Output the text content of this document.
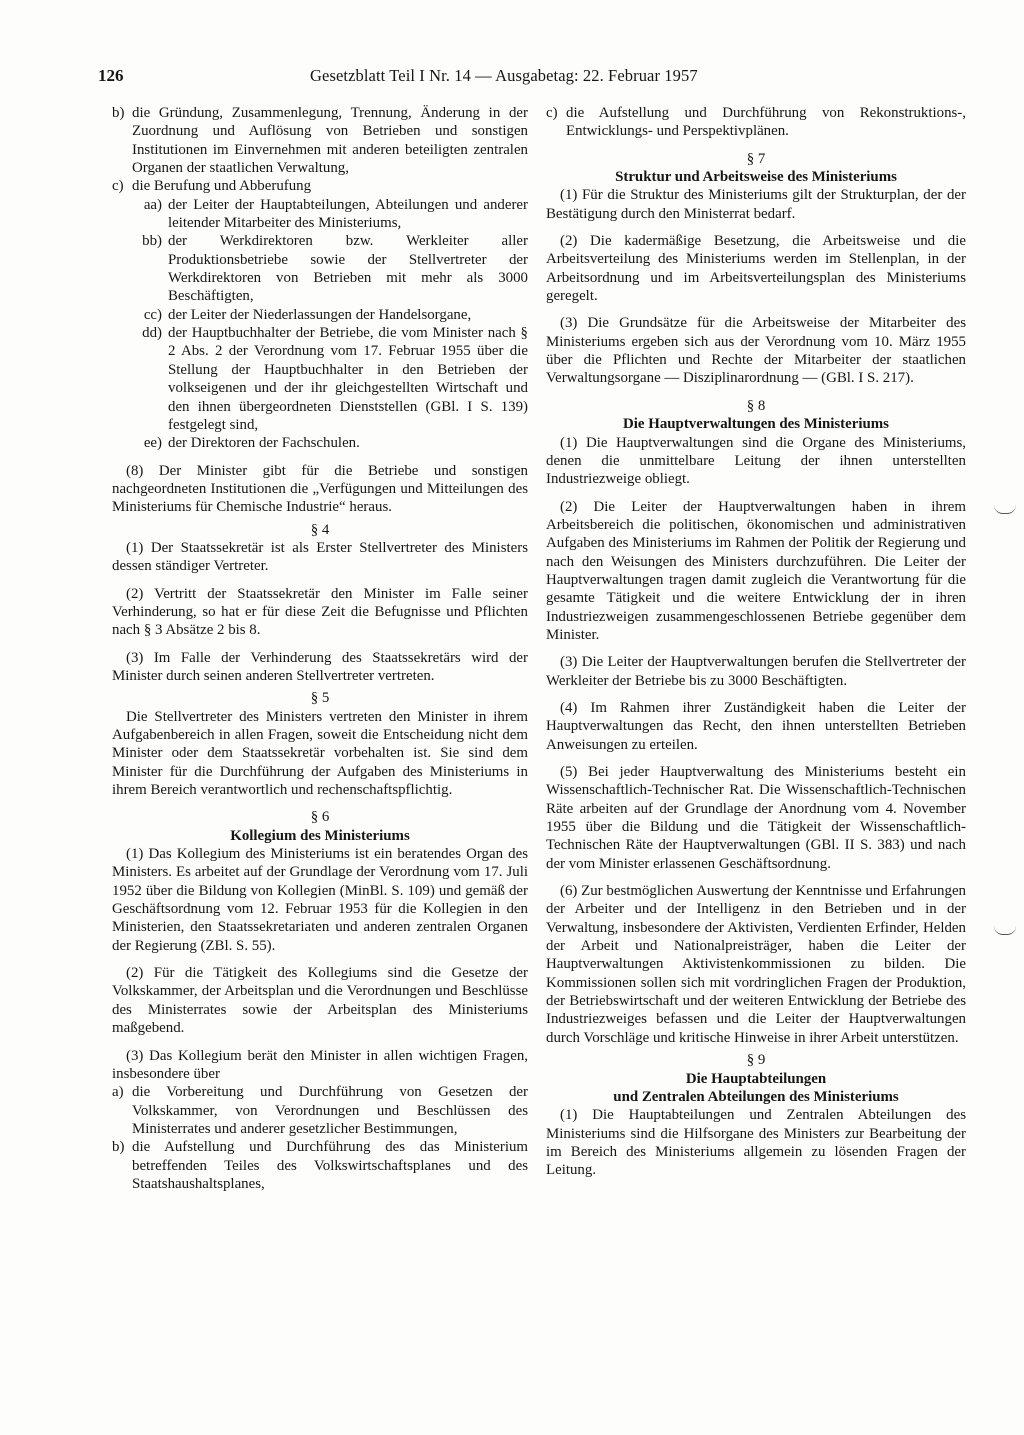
126	Gesetzblatt Teil I Nr. 14 — Ausgabetag: 22. Februar 1957
b) die Gründung, Zusammenlegung, Trennung, Änderung in der Zuordnung und Auflösung von Betrieben und sonstigen Institutionen im Einvernehmen mit anderen beteiligten zentralen Organen der staatlichen Verwaltung,
c) die Berufung und Abberufung
aa) der Leiter der Hauptabteilungen, Abteilungen und anderer leitender Mitarbeiter des Ministeriums,
bb) der Werkdirektoren bzw. Werkleiter aller Produktionsbetriebe sowie der Stellvertreter der Werkdirektoren von Betrieben mit mehr als 3000 Beschäftigten,
cc) der Leiter der Niederlassungen der Handelsorgane,
dd) der Hauptbuchhalter der Betriebe, die vom Minister nach § 2 Abs. 2 der Verordnung vom 17. Februar 1955 über die Stellung der Hauptbuchhalter in den Betrieben der volkseigenen und der ihr gleichgestellten Wirtschaft und den ihnen übergeordneten Dienststellen (GBl. I S. 139) festgelegt sind,
ee) der Direktoren der Fachschulen.

(8) Der Minister gibt für die Betriebe und sonstigen nachgeordneten Institutionen die „Verfügungen und Mitteilungen des Ministeriums für Chemische Industrie“ heraus.

§ 4

(1) Der Staatssekretär ist als Erster Stellvertreter des Ministers dessen ständiger Vertreter.

(2) Vertritt der Staatssekretär den Minister im Falle seiner Verhinderung, so hat er für diese Zeit die Befugnisse und Pflichten nach § 3 Absätze 2 bis 8.

(3) Im Falle der Verhinderung des Staatssekretärs wird der Minister durch seinen anderen Stellvertreter vertreten.

§ 5

Die Stellvertreter des Ministers vertreten den Minister in ihrem Aufgabenbereich in allen Fragen, soweit die Entscheidung nicht dem Minister oder dem Staatssekretär vorbehalten ist. Sie sind dem Minister für die Durchführung der Aufgaben des Ministeriums in ihrem Bereich verantwortlich und rechenschaftspflichtig.

§ 6

Kollegium des Ministeriums

(1) Das Kollegium des Ministeriums ist ein beratendes Organ des Ministers. Es arbeitet auf der Grundlage der Verordnung vom 17. Juli 1952 über die Bildung von Kollegien (MinBl. S. 109) und gemäß der Geschäftsordnung vom 12. Februar 1953 für die Kollegien in den Ministerien, den Staatssekretariaten und anderen zentralen Organen der Regierung (ZBl. S. 55).

(2) Für die Tätigkeit des Kollegiums sind die Gesetze der Volkskammer, der Arbeitsplan und die Verordnungen und Beschlüsse des Ministerrates sowie der Arbeitsplan des Ministeriums maßgebend.

(3) Das Kollegium berät den Minister in allen wichtigen Fragen, insbesondere über

a) die Vorbereitung und Durchführung von Gesetzen der Volkskammer, von Verordnungen und Beschlüssen des Ministerrates und anderer gesetzlicher Bestimmungen,
b) die Aufstellung und Durchführung des das Ministerium betreffenden Teiles des Volkswirtschaftsplanes und des Staatshaushaltsplanes,
c) die Aufstellung und Durchführung von Rekonstruktions-, Entwicklungs- und Perspektivplänen.

§ 7

Struktur und Arbeitsweise des Ministeriums

(1) Für die Struktur des Ministeriums gilt der Strukturplan, der der Bestätigung durch den Ministerrat bedarf.

(2) Die kadermäßige Besetzung, die Arbeitsweise und die Arbeitsverteilung des Ministeriums werden im Stellenplan, in der Arbeitsordnung und im Arbeitsverteilungsplan des Ministeriums geregelt.

(3) Die Grundsätze für die Arbeitsweise der Mitarbeiter des Ministeriums ergeben sich aus der Verordnung vom 10. März 1955 über die Pflichten und Rechte der Mitarbeiter der staatlichen Verwaltungsorgane — Disziplinarordnung — (GBl. I S. 217).

§ 8

Die Hauptverwaltungen des Ministeriums

(1) Die Hauptverwaltungen sind die Organe des Ministeriums, denen die unmittelbare Leitung der ihnen unterstellten Industriezweige obliegt.

(2) Die Leiter der Hauptverwaltungen haben in ihrem Arbeitsbereich die politischen, ökonomischen und administrativen Aufgaben des Ministeriums im Rahmen der Politik der Regierung und nach den Weisungen des Ministers durchzuführen. Die Leiter der Hauptverwaltungen tragen damit zugleich die Verantwortung für die gesamte Tätigkeit und die weitere Entwicklung der in ihren Industriezweigen zusammengeschlossenen Betriebe gegenüber dem Minister.

(3) Die Leiter der Hauptverwaltungen berufen die Stellvertreter der Werkleiter der Betriebe bis zu 3000 Beschäftigten.

(4) Im Rahmen ihrer Zuständigkeit haben die Leiter der Hauptverwaltungen das Recht, den ihnen unterstellten Betrieben Anweisungen zu erteilen.

(5) Bei jeder Hauptverwaltung des Ministeriums besteht ein Wissenschaftlich-Technischer Rat. Die Wissenschaftlich-Technischen Räte arbeiten auf der Grundlage der Anordnung vom 4. November 1955 über die Bildung und die Tätigkeit der Wissenschaftlich-Technischen Räte der Hauptverwaltungen (GBl. II S. 383) und nach der vom Minister erlassenen Geschäftsordnung.

(6) Zur bestmöglichen Auswertung der Kenntnisse und Erfahrungen der Arbeiter und der Intelligenz in den Betrieben und in der Verwaltung, insbesondere der Aktivisten, Verdienten Erfinder, Helden der Arbeit und Nationalpreisträger, haben die Leiter der Hauptverwaltungen Aktivistenkommissionen zu bilden. Die Kommissionen sollen sich mit vordringlichen Fragen der Produktion, der Betriebswirtschaft und der weiteren Entwicklung der Betriebe des Industriezweiges befassen und die Leiter der Hauptverwaltungen durch Vorschläge und kritische Hinweise in ihrer Arbeit unterstützen.

§ 9

Die Hauptabteilungen

und Zentralen Abteilungen des Ministeriums

(1) Die Hauptabteilungen und Zentralen Abteilungen des Ministeriums sind die Hilfsorgane des Ministers zur Bearbeitung der im Bereich des Ministeriums allgemein zu lösenden Fragen der Leitung.
